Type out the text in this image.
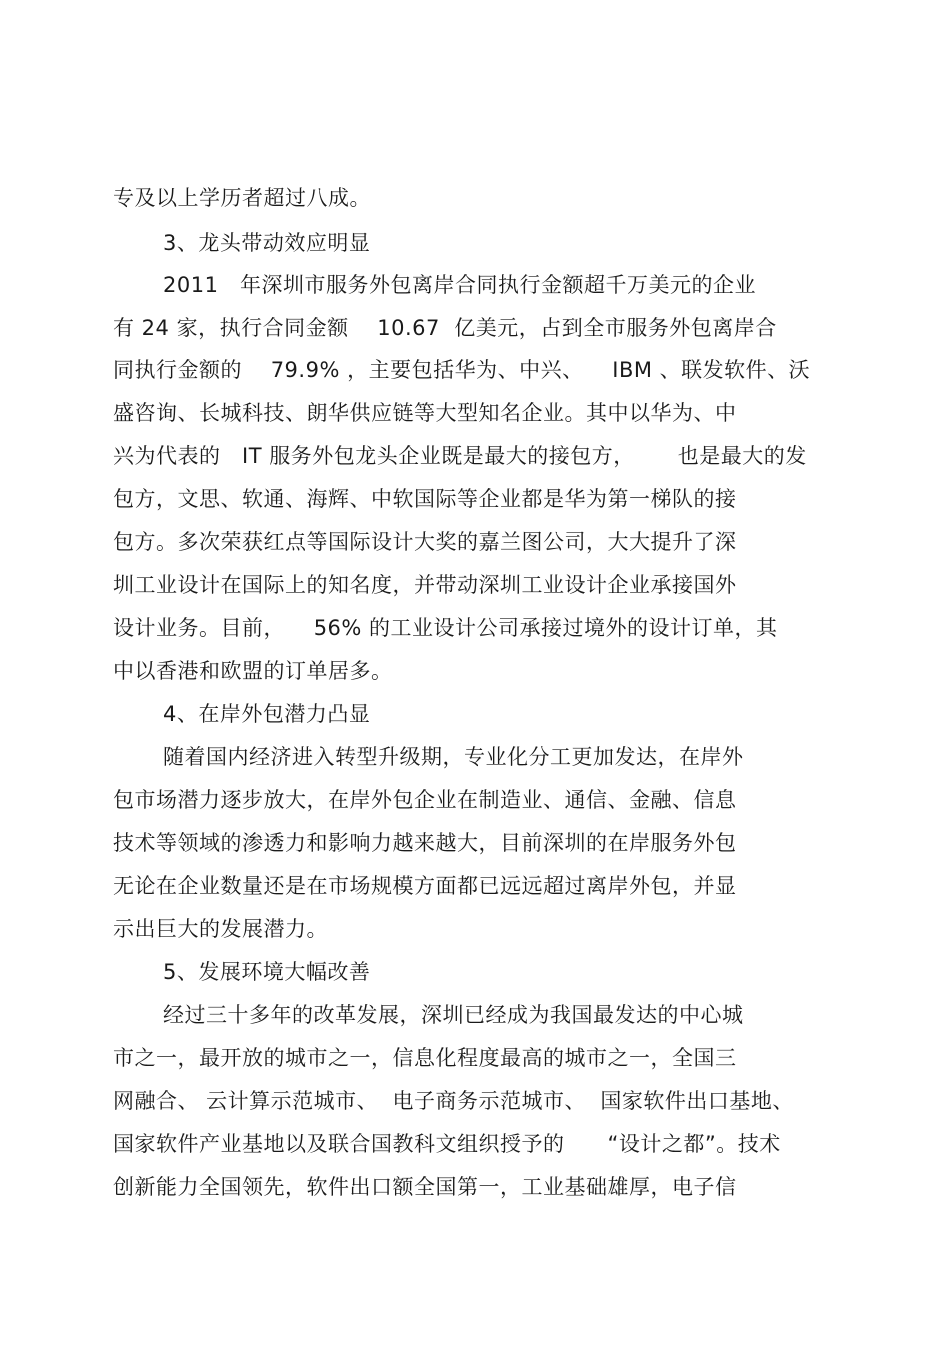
专及以上学历者超过八成。
3、龙头带动效应明显
2011   年深圳市服务外包离岸合同执行金额超千万美元的企业
有 24 家，执行合同金额    10.67  亿美元，占到全市服务外包离岸合
同执行金额的    79.9% ，主要包括华为、中兴、    IBM 、联发软件、沃
盛咨询、长城科技、朗华供应链等大型知名企业。其中以华为、中
兴为代表的   IT 服务外包龙头企业既是最大的接包方，      也是最大的发
包方，文思、软通、海辉、中软国际等企业都是华为第一梯队的接
包方。多次荣获红点等国际设计大奖的嘉兰图公司，大大提升了深
圳工业设计在国际上的知名度，并带动深圳工业设计企业承接国外
设计业务。目前，    56% 的工业设计公司承接过境外的设计订单，其
中以香港和欧盟的订单居多。
4、在岸外包潜力凸显
随着国内经济进入转型升级期，专业化分工更加发达，在岸外
包市场潜力逐步放大，在岸外包企业在制造业、通信、金融、信息
技术等领域的渗透力和影响力越来越大，目前深圳的在岸服务外包
无论在企业数量还是在市场规模方面都已远远超过离岸外包，并显
示出巨大的发展潜力。
5、发展环境大幅改善
经过三十多年的改革发展，深圳已经成为我国最发达的中心城
市之一，最开放的城市之一，信息化程度最高的城市之一，全国三
网融合、 云计算示范城市、  电子商务示范城市、  国家软件出口基地、
国家软件产业基地以及联合国教科文组织授予的      “设计之都”。技术
创新能力全国领先，软件出口额全国第一，工业基础雄厚，电子信
